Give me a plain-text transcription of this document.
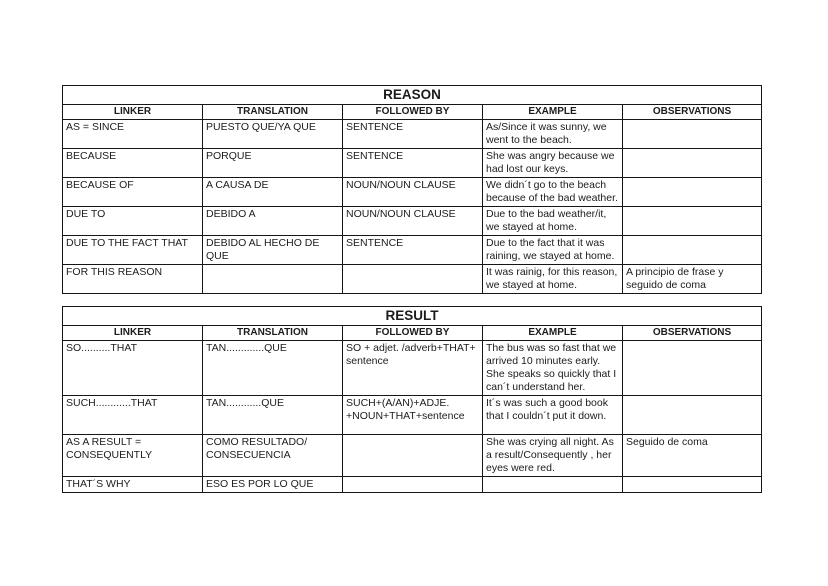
REASON				
LINKER	TRANSLATION	FOLLOWED BY	EXAMPLE	OBSERVATIONS
AS = SINCE	PUESTO QUE/YA QUE	SENTENCE	As/Since it was sunny, we went to the beach.	
BECAUSE	PORQUE	SENTENCE	She was angry because we had lost our keys.	
BECAUSE OF	A CAUSA DE	NOUN/NOUN CLAUSE	We didn´t go to the beach because of the bad weather.	
DUE TO	DEBIDO A	NOUN/NOUN CLAUSE	Due to the bad weather/it, we stayed at home.	
DUE TO THE FACT THAT	DEBIDO AL HECHO DE QUE	SENTENCE	Due to the fact that it was raining, we stayed at home.	
FOR THIS REASON			It was rainig, for this reason, we stayed at home.	A principio de frase y seguido de coma
RESULT				
LINKER	TRANSLATION	FOLLOWED BY	EXAMPLE	OBSERVATIONS
SO..........THAT	TAN.............QUE	SO + adjet. /adverb+THAT+ sentence	The bus was so fast that we arrived 10 minutes early. She speaks so quickly that I can´t understand her.	
SUCH............THAT	TAN............QUE	SUCH+(A/AN)+ADJE. +NOUN+THAT+sentence	It´s was such a good book that I couldn´t put it down.	
AS A RESULT = CONSEQUENTLY	COMO RESULTADO/ CONSECUENCIA		She was crying all night. As a result/Consequently , her eyes were red.	Seguido de coma
THAT´S WHY	ESO ES POR LO QUE			
